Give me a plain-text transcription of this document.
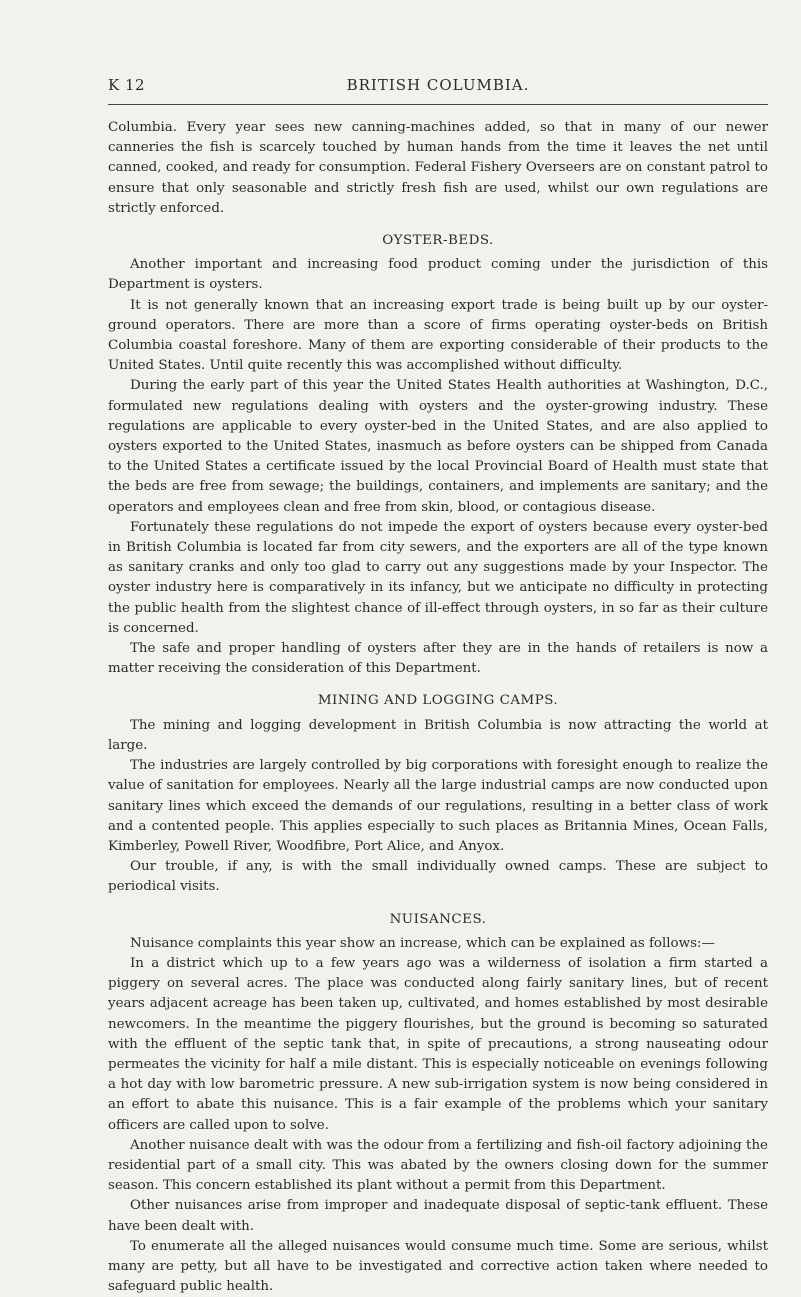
K 12	BRITISH COLUMBIA.

Columbia. Every year sees new canning-machines added, so that in many of our newer canneries the fish is scarcely touched by human hands from the time it leaves the net until canned, cooked, and ready for consumption. Federal Fishery Overseers are on constant patrol to ensure that only seasonable and strictly fresh fish are used, whilst our own regulations are strictly enforced.

OYSTER-BEDS.

Another important and increasing food product coming under the jurisdiction of this Department is oysters.

It is not generally known that an increasing export trade is being built up by our oyster-ground operators. There are more than a score of firms operating oyster-beds on British Columbia coastal foreshore. Many of them are exporting considerable of their products to the United States. Until quite recently this was accomplished without difficulty.

During the early part of this year the United States Health authorities at Washington, D.C., formulated new regulations dealing with oysters and the oyster-growing industry. These regulations are applicable to every oyster-bed in the United States, and are also applied to oysters exported to the United States, inasmuch as before oysters can be shipped from Canada to the United States a certificate issued by the local Provincial Board of Health must state that the beds are free from sewage; the buildings, containers, and implements are sanitary; and the operators and employees clean and free from skin, blood, or contagious disease.

Fortunately these regulations do not impede the export of oysters because every oyster-bed in British Columbia is located far from city sewers, and the exporters are all of the type known as sanitary cranks and only too glad to carry out any suggestions made by your Inspector. The oyster industry here is comparatively in its infancy, but we anticipate no difficulty in protecting the public health from the slightest chance of ill-effect through oysters, in so far as their culture is concerned.

The safe and proper handling of oysters after they are in the hands of retailers is now a matter receiving the consideration of this Department.

MINING AND LOGGING CAMPS.

The mining and logging development in British Columbia is now attracting the world at large.

The industries are largely controlled by big corporations with foresight enough to realize the value of sanitation for employees. Nearly all the large industrial camps are now conducted upon sanitary lines which exceed the demands of our regulations, resulting in a better class of work and a contented people. This applies especially to such places as Britannia Mines, Ocean Falls, Kimberley, Powell River, Woodfibre, Port Alice, and Anyox.

Our trouble, if any, is with the small individually owned camps. These are subject to periodical visits.

NUISANCES.

Nuisance complaints this year show an increase, which can be explained as follows:—

In a district which up to a few years ago was a wilderness of isolation a firm started a piggery on several acres. The place was conducted along fairly sanitary lines, but of recent years adjacent acreage has been taken up, cultivated, and homes established by most desirable newcomers. In the meantime the piggery flourishes, but the ground is becoming so saturated with the effluent of the septic tank that, in spite of precautions, a strong nauseating odour permeates the vicinity for half a mile distant. This is especially noticeable on evenings following a hot day with low barometric pressure. A new sub-irrigation system is now being considered in an effort to abate this nuisance. This is a fair example of the problems which your sanitary officers are called upon to solve.

Another nuisance dealt with was the odour from a fertilizing and fish-oil factory adjoining the residential part of a small city. This was abated by the owners closing down for the summer season. This concern established its plant without a permit from this Department.

Other nuisances arise from improper and inadequate disposal of septic-tank effluent. These have been dealt with.

To enumerate all the alleged nuisances would consume much time. Some are serious, whilst many are petty, but all have to be investigated and corrective action taken where needed to safeguard public health.
